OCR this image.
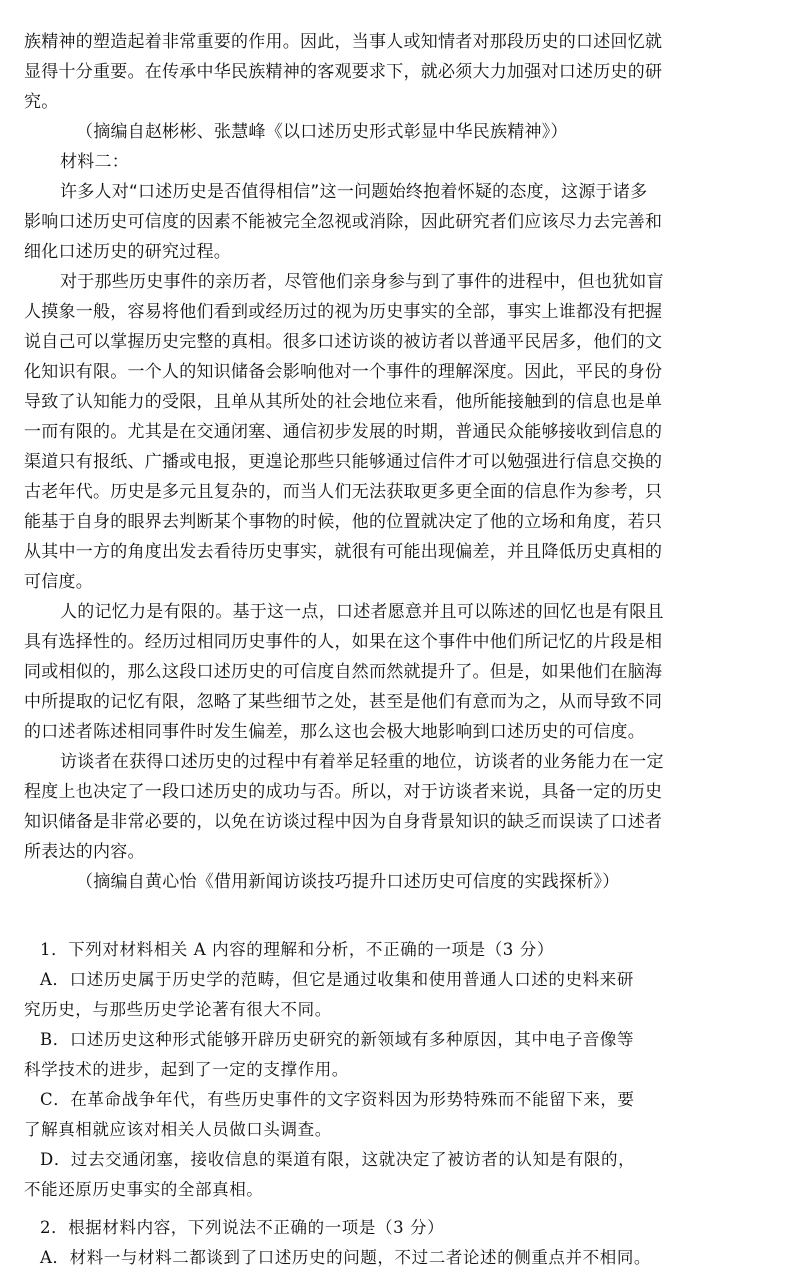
族精神的塑造起着非常重要的作用。因此，当事人或知情者对那段历史的口述回忆就
显得十分重要。在传承中华民族精神的客观要求下，就必须大力加强对口述历史的研
究。
（摘编自赵彬彬、张慧峰《以口述历史形式彰显中华民族精神》）
材料二：
许多人对“口述历史是否值得相信”这一问题始终抱着怀疑的态度，这源于诸多
影响口述历史可信度的因素不能被完全忽视或消除，因此研究者们应该尽力去完善和
细化口述历史的研究过程。
对于那些历史事件的亲历者，尽管他们亲身参与到了事件的进程中，但也犹如盲
人摸象一般，容易将他们看到或经历过的视为历史事实的全部，事实上谁都没有把握
说自己可以掌握历史完整的真相。很多口述访谈的被访者以普通平民居多，他们的文
化知识有限。一个人的知识储备会影响他对一个事件的理解深度。因此，平民的身份
导致了认知能力的受限，且单从其所处的社会地位来看，他所能接触到的信息也是单
一而有限的。尤其是在交通闭塞、通信初步发展的时期，普通民众能够接收到信息的
渠道只有报纸、广播或电报，更遑论那些只能够通过信件才可以勉强进行信息交换的
古老年代。历史是多元且复杂的，而当人们无法获取更多更全面的信息作为参考，只
能基于自身的眼界去判断某个事物的时候，他的位置就决定了他的立场和角度，若只
从其中一方的角度出发去看待历史事实，就很有可能出现偏差，并且降低历史真相的
可信度。
人的记忆力是有限的。基于这一点，口述者愿意并且可以陈述的回忆也是有限且
具有选择性的。经历过相同历史事件的人，如果在这个事件中他们所记忆的片段是相
同或相似的，那么这段口述历史的可信度自然而然就提升了。但是，如果他们在脑海
中所提取的记忆有限，忽略了某些细节之处，甚至是他们有意而为之，从而导致不同
的口述者陈述相同事件时发生偏差，那么这也会极大地影响到口述历史的可信度。
访谈者在获得口述历史的过程中有着举足轻重的地位，访谈者的业务能力在一定
程度上也决定了一段口述历史的成功与否。所以，对于访谈者来说，具备一定的历史
知识储备是非常必要的，以免在访谈过程中因为自身背景知识的缺乏而误读了口述者
所表达的内容。
（摘编自黄心怡《借用新闻访谈技巧提升口述历史可信度的实践探析》）
1．下列对材料相关 A 内容的理解和分析，不正确的一项是（3 分）
A．口述历史属于历史学的范畴，但它是通过收集和使用普通人口述的史料来研
究历史，与那些历史学论著有很大不同。
B．口述历史这种形式能够开辟历史研究的新领域有多种原因，其中电子音像等
科学技术的进步，起到了一定的支撑作用。
C．在革命战争年代，有些历史事件的文字资料因为形势特殊而不能留下来，要
了解真相就应该对相关人员做口头调查。
D．过去交通闭塞，接收信息的渠道有限，这就决定了被访者的认知是有限的，
不能还原历史事实的全部真相。
2．根据材料内容，下列说法不正确的一项是（3 分）
A．材料一与材料二都谈到了口述历史的问题，不过二者论述的侧重点并不相同。
